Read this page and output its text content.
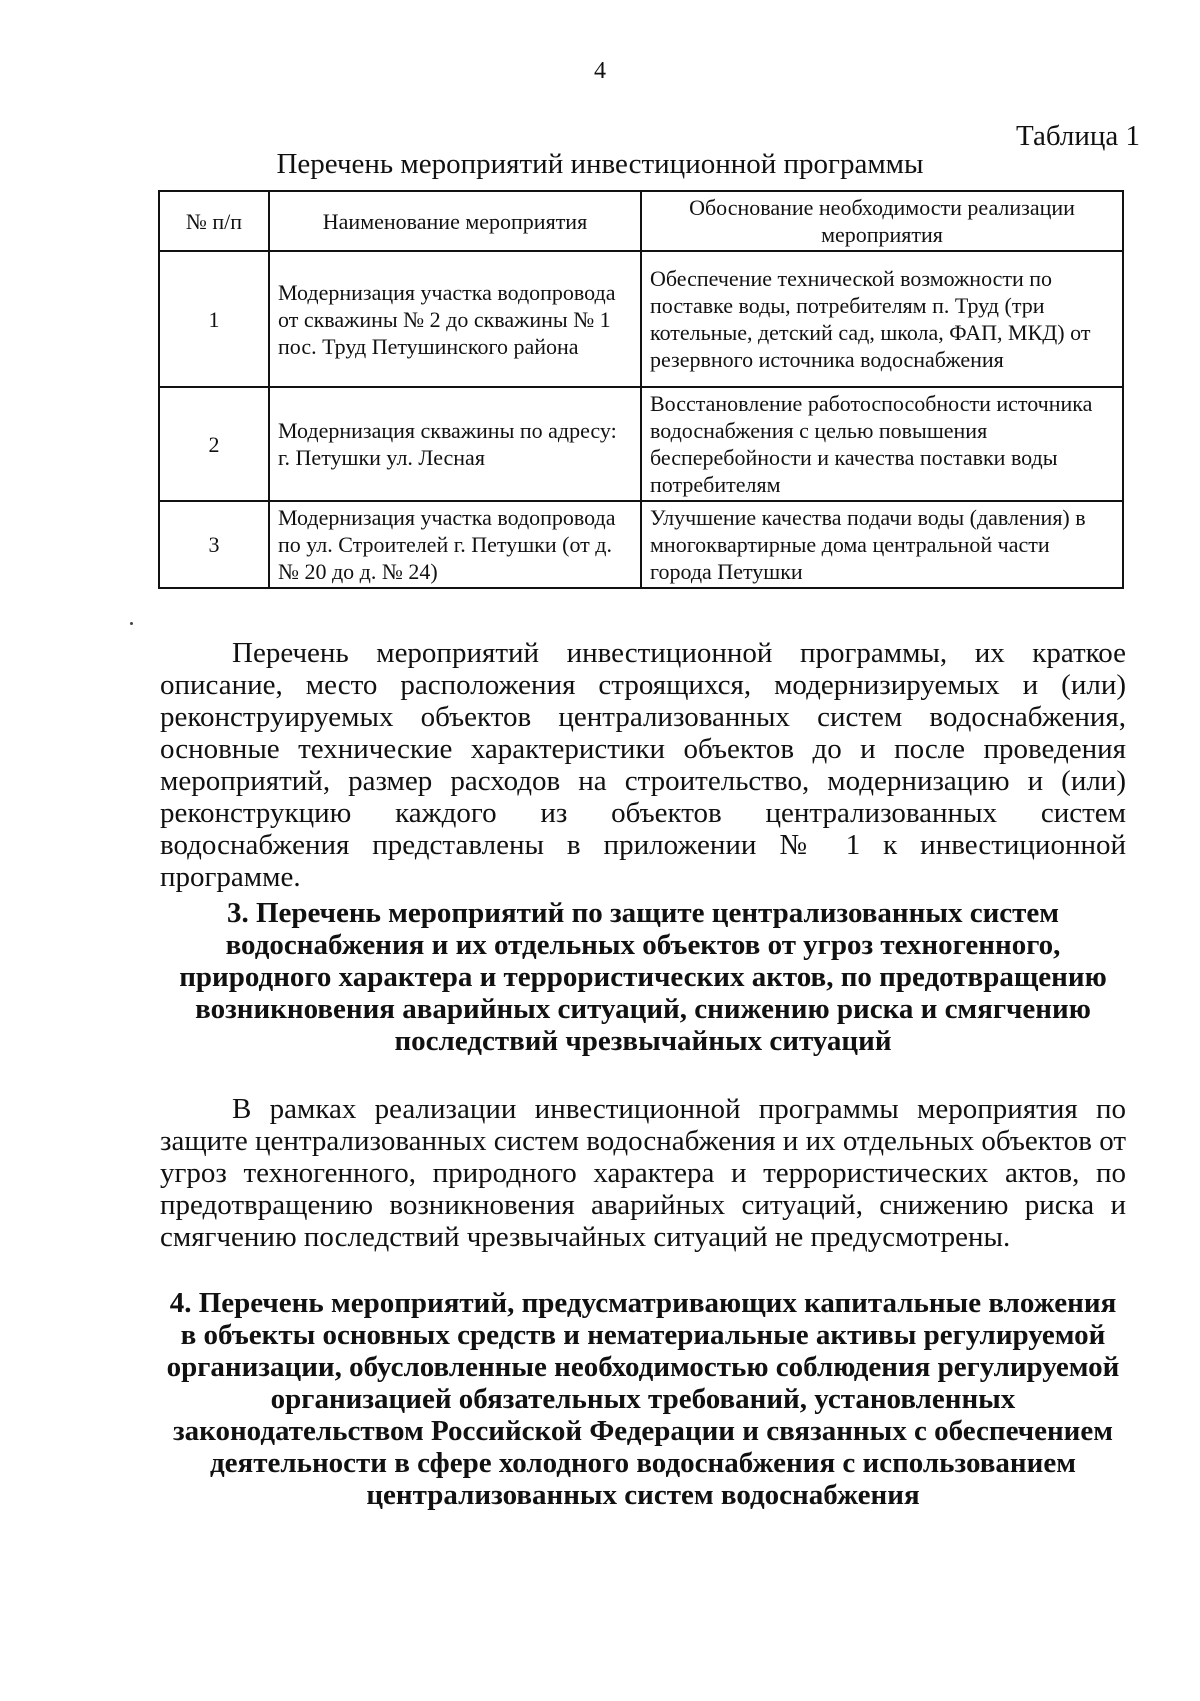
4
Таблица 1
Перечень мероприятий инвестиционной программы
№ п/п	Наименование мероприятия	Обоснование необходимости реализации мероприятия
1	Модернизация участка водопровода от скважины № 2 до скважины № 1 пос. Труд Петушинского района	Обеспечение технической возможности по поставке воды, потребителям п. Труд (три котельные, детский сад, школа, ФАП, МКД) от резервного источника водоснабжения
2	Модернизация скважины по адресу: г. Петушки ул. Лесная	Восстановление работоспособности источника водоснабжения с целью повышения бесперебойности и качества поставки воды потребителям
3	Модернизация участка водопровода по ул. Строителей г. Петушки (от д. № 20 до д. № 24)	Улучшение качества подачи воды (давления) в многоквартирные дома центральной части города Петушки

Перечень мероприятий инвестиционной программы, их краткое описание, место расположения строящихся, модернизируемых и (или) реконструируемых объектов централизованных систем водоснабжения, основные технические характеристики объектов до и после проведения мероприятий, размер расходов на строительство, модернизацию и (или) реконструкцию каждого из объектов централизованных систем водоснабжения представлены в приложении № 1 к инвестиционной программе.

3. Перечень мероприятий по защите централизованных систем водоснабжения и их отдельных объектов от угроз техногенного, природного характера и террористических актов, по предотвращению возникновения аварийных ситуаций, снижению риска и смягчению последствий чрезвычайных ситуаций

В рамках реализации инвестиционной программы мероприятия по защите централизованных систем водоснабжения и их отдельных объектов от угроз техногенного, природного характера и террористических актов, по предотвращению возникновения аварийных ситуаций, снижению риска и смягчению последствий чрезвычайных ситуаций не предусмотрены.

4. Перечень мероприятий, предусматривающих капитальные вложения в объекты основных средств и нематериальные активы регулируемой организации, обусловленные необходимостью соблюдения регулируемой организацией обязательных требований, установленных законодательством Российской Федерации и связанных с обеспечением деятельности в сфере холодного водоснабжения с использованием централизованных систем водоснабжения
